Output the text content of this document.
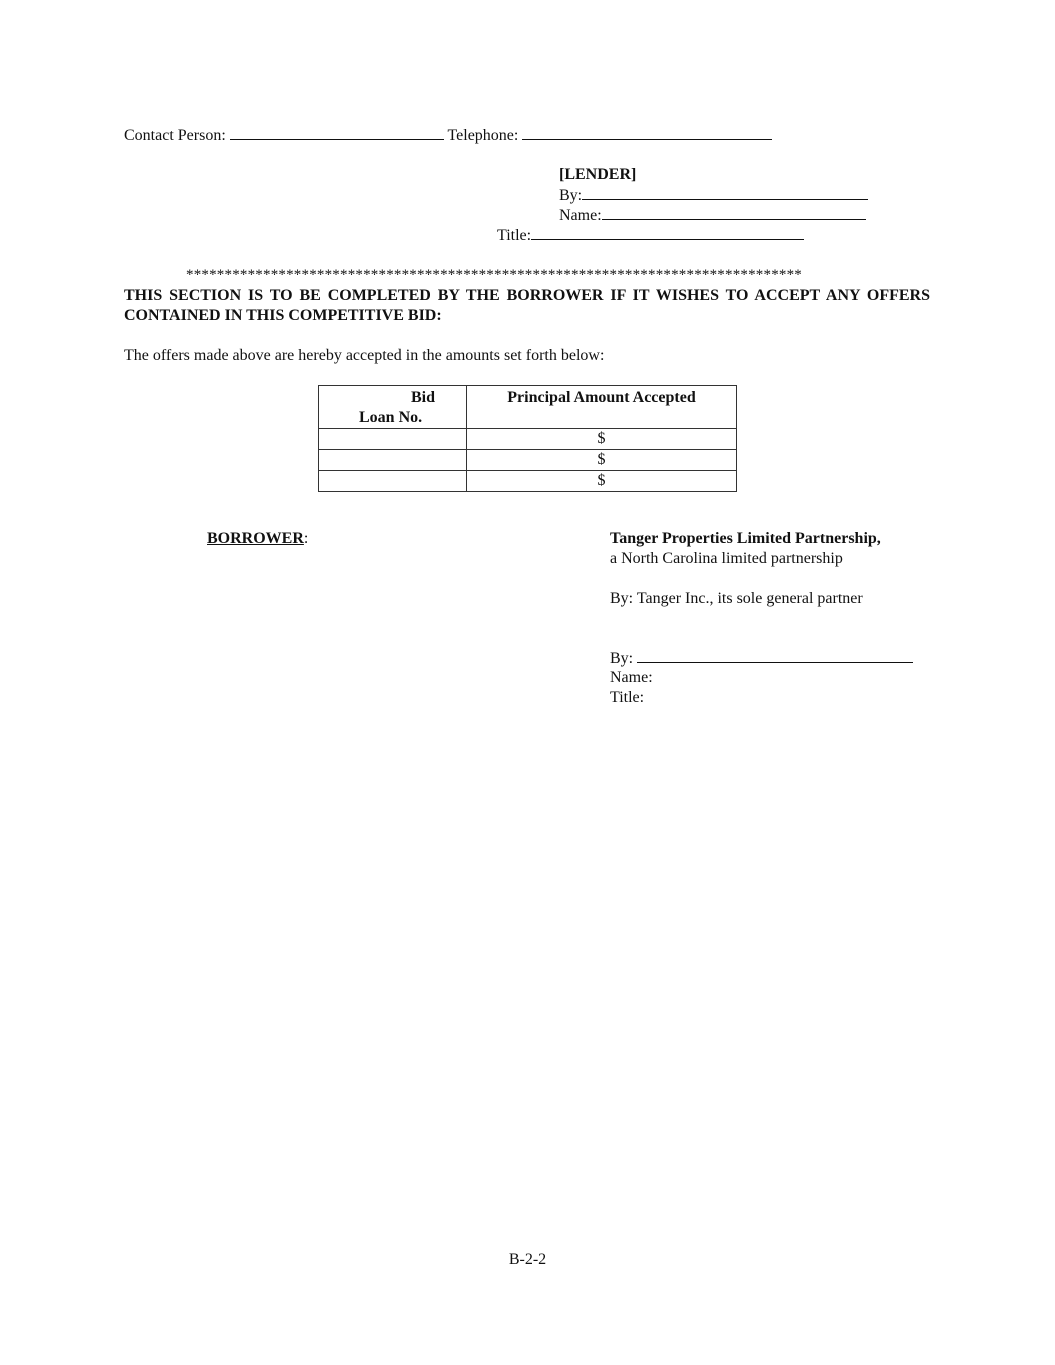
Contact Person:	Telephone:
[LENDER]
By:
Name:
Title:
********************************************************************************
THIS SECTION IS TO BE COMPLETED BY THE BORROWER IF IT WISHES TO ACCEPT ANY OFFERS CONTAINED IN THIS COMPETITIVE BID:
The offers made above are hereby accepted in the amounts set forth below:
Bid
Loan No.	Principal Amount Accepted
	$
	$
	$
BORROWER:	Tanger Properties Limited Partnership,
a North Carolina limited partnership
By: Tanger Inc., its sole general partner
By:
Name:
Title:
B-2-2
